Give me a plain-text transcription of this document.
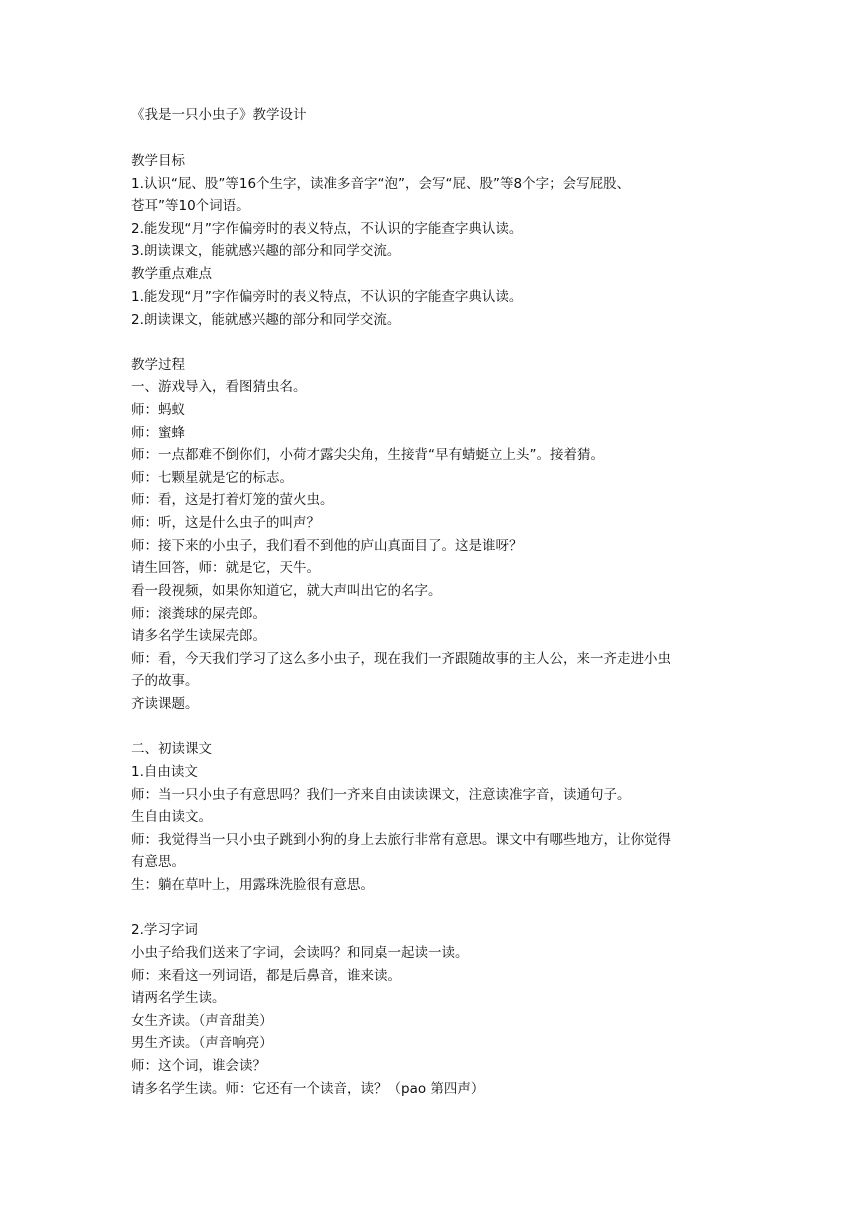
《我是一只小虫子》教学设计

教学目标

1.认识“屁、股”等16个生字，读准多音字“泡”，会写“屁、股”等8个字；会写屁股、

苍耳”等10个词语。

2.能发现“月”字作偏旁时的表义特点，不认识的字能查字典认读。

3.朗读课文，能就感兴趣的部分和同学交流。

教学重点难点

1.能发现“月”字作偏旁时的表义特点，不认识的字能查字典认读。

2.朗读课文，能就感兴趣的部分和同学交流。

教学过程

一、游戏导入，看图猜虫名。

师：蚂蚁

师：蜜蜂

师：一点都难不倒你们，小荷才露尖尖角，生接背“早有蜻蜓立上头”。接着猜。

师：七颗星就是它的标志。

师：看，这是打着灯笼的萤火虫。

师：听，这是什么虫子的叫声？

师：接下来的小虫子，我们看不到他的庐山真面目了。这是谁呀？

请生回答，师：就是它，天牛。

看一段视频，如果你知道它，就大声叫出它的名字。

师：滚粪球的屎壳郎。

请多名学生读屎壳郎。

师：看，今天我们学习了这么多小虫子，现在我们一齐跟随故事的主人公，来一齐走进小虫

子的故事。

齐读课题。

二、初读课文

1.自由读文

师：当一只小虫子有意思吗？我们一齐来自由读读课文，注意读准字音，读通句子。

生自由读文。

师：我觉得当一只小虫子跳到小狗的身上去旅行非常有意思。课文中有哪些地方，让你觉得

有意思。

生：躺在草叶上，用露珠洗脸很有意思。

2.学习字词

小虫子给我们送来了字词，会读吗？和同桌一起读一读。

师：来看这一列词语，都是后鼻音，谁来读。

请两名学生读。

女生齐读。（声音甜美）

男生齐读。（声音响亮）

师：这个词，谁会读？

请多名学生读。师：它还有一个读音，读？（pao 第四声）
